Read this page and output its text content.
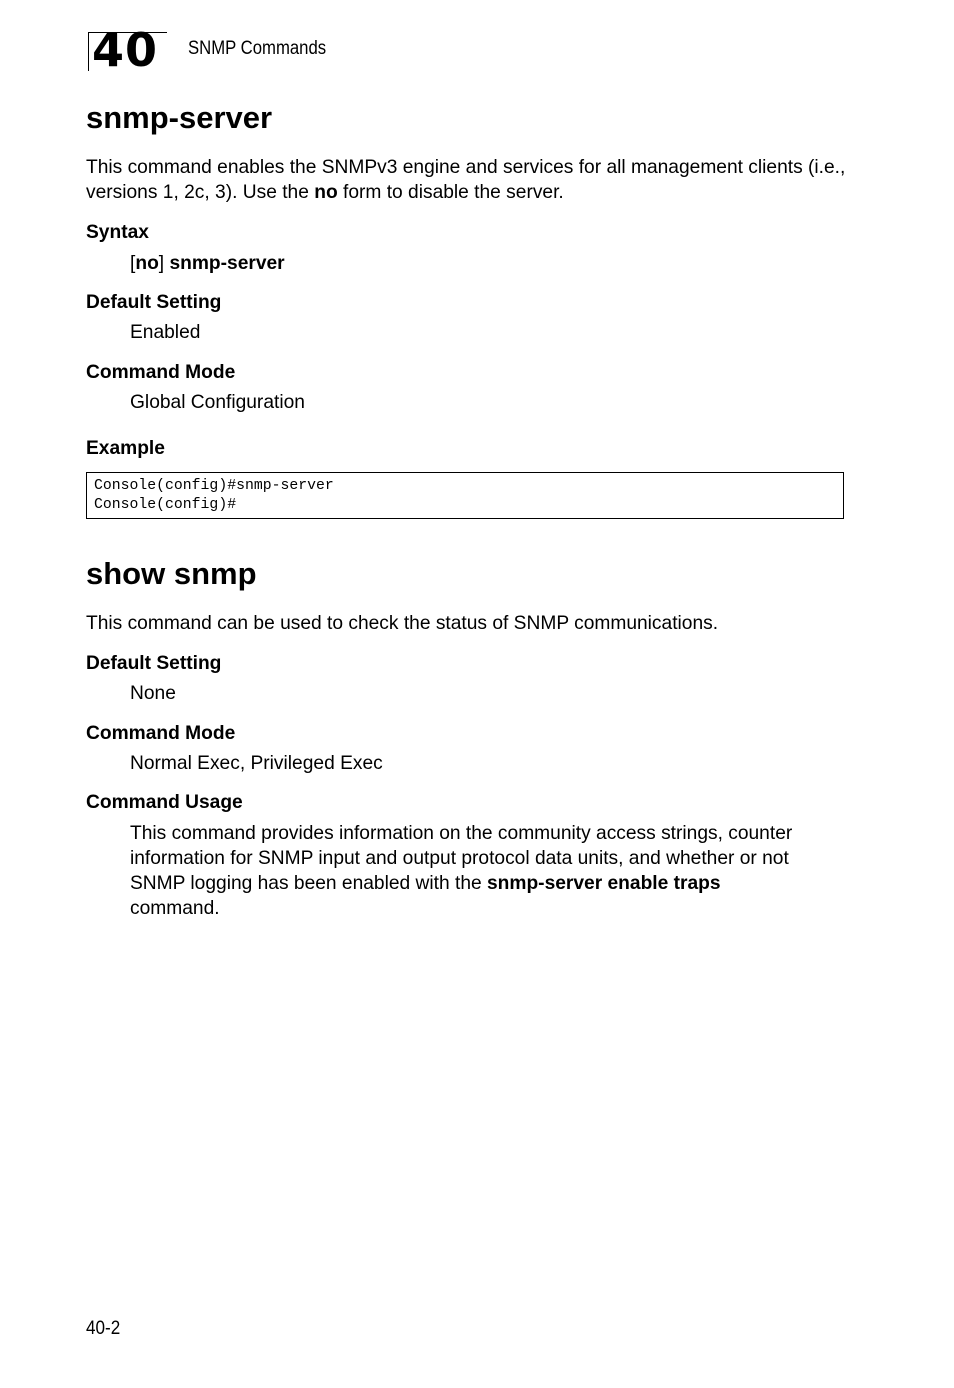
40 SNMP Commands
snmp-server
This command enables the SNMPv3 engine and services for all management clients (i.e., versions 1, 2c, 3). Use the no form to disable the server.
Syntax
[no] snmp-server
Default Setting
Enabled
Command Mode
Global Configuration
Example
Console(config)#snmp-server
Console(config)#
show snmp
This command can be used to check the status of SNMP communications.
Default Setting
None
Command Mode
Normal Exec, Privileged Exec
Command Usage
This command provides information on the community access strings, counter
information for SNMP input and output protocol data units, and whether or not
SNMP logging has been enabled with the snmp-server enable traps
command.
40-2
